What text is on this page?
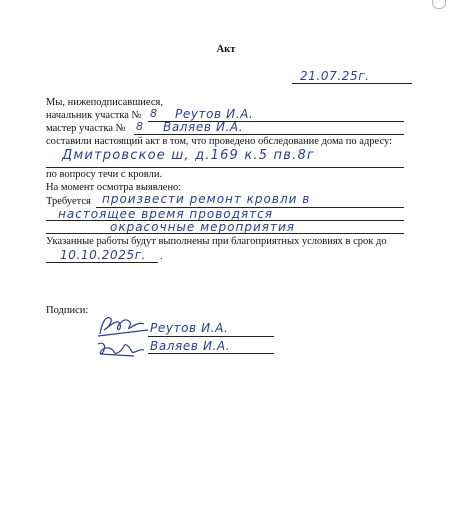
Акт
21.07.25г.
Мы, нижеподписавшиеся,
начальник участка № 8 Реутов И.А.
мастер участка № 8 Валяев И.А.
составили настоящий акт в том, что проведено обследование дома по адресу:
Дмитровское ш, д.169 к.5 пв.8г
по вопросу течи с кровли.
На момент осмотра выявлено:
Требуется произвести ремонт кровли в
настоящее время проводятся
окрасочные мероприятия
Указанные работы будут выполнены при благоприятных условиях в срок до
10.10.2025г. .
Подписи:
Реутов И.А.
Валяев И.А.
